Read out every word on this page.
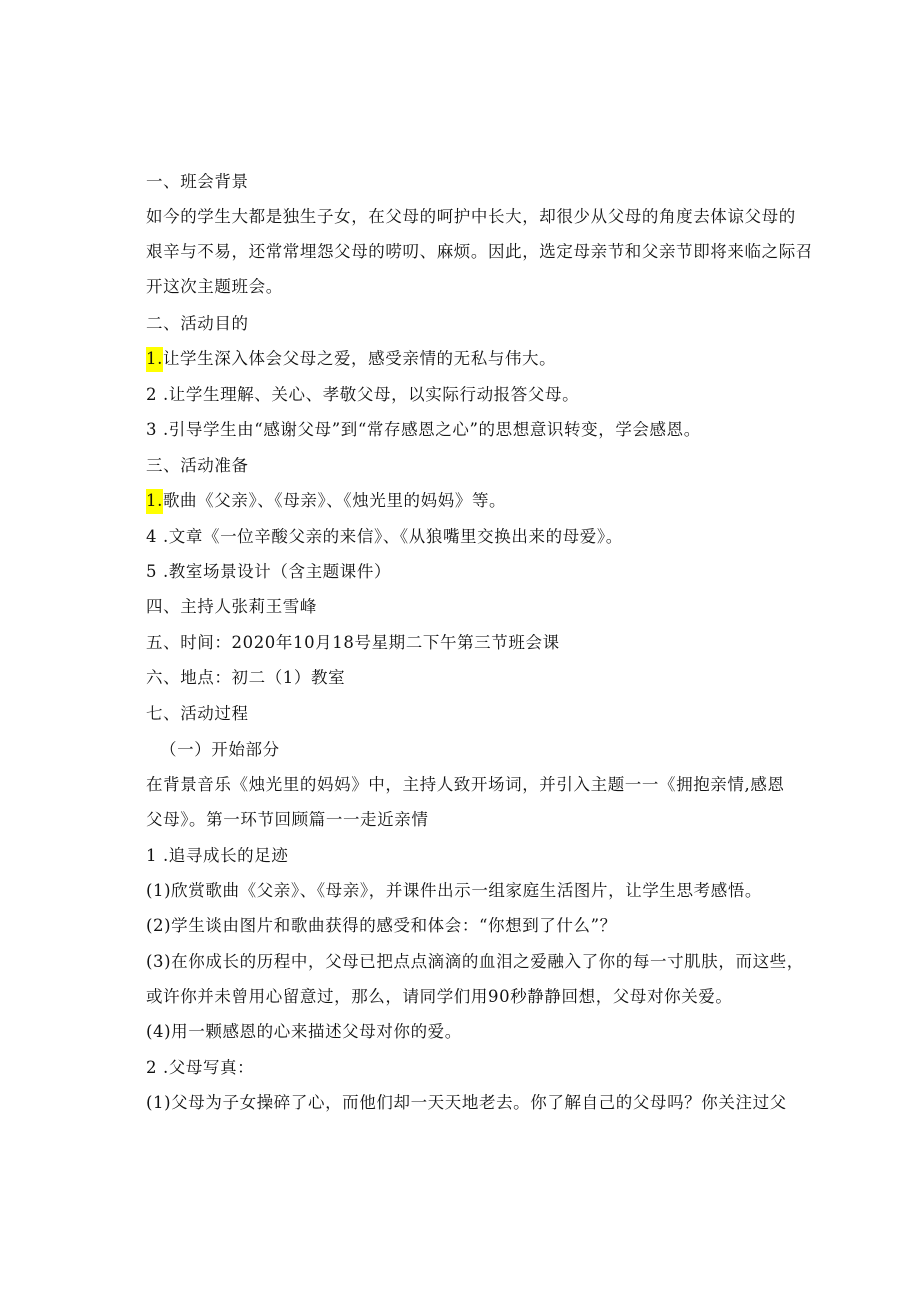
一、班会背景
如今的学生大都是独生子女，在父母的呵护中长大，却很少从父母的角度去体谅父母的
艰辛与不易，还常常埋怨父母的唠叨、麻烦。因此，选定母亲节和父亲节即将来临之际召
开这次主题班会。
二、活动目的
1.让学生深入体会父母之爱，感受亲情的无私与伟大。
2 .让学生理解、关心、孝敬父母，以实际行动报答父母。
3 .引导学生由“感谢父母”到“常存感恩之心”的思想意识转变，学会感恩。
三、活动准备
1.歌曲《父亲》、《母亲》、《烛光里的妈妈》等。
4 .文章《一位辛酸父亲的来信》、《从狼嘴里交换出来的母爱》。
5 .教室场景设计（含主题课件）
四、主持人张莉王雪峰
五、时间：2020年10月18号星期二下午第三节班会课
六、地点：初二（1）教室
七、活动过程
（一）开始部分
在背景音乐《烛光里的妈妈》中，主持人致开场词，并引入主题一一《拥抱亲情,感恩
父母》。第一环节回顾篇一一走近亲情
1 .追寻成长的足迹
(1)欣赏歌曲《父亲》、《母亲》，并课件出示一组家庭生活图片，让学生思考感悟。
(2)学生谈由图片和歌曲获得的感受和体会：“你想到了什么”？
(3)在你成长的历程中，父母已把点点滴滴的血泪之爱融入了你的每一寸肌肤，而这些，
或许你并未曾用心留意过，那么，请同学们用90秒静静回想，父母对你关爱。
(4)用一颗感恩的心来描述父母对你的爱。
2 .父母写真：
(1)父母为子女操碎了心，而他们却一天天地老去。你了解自己的父母吗？你关注过父
